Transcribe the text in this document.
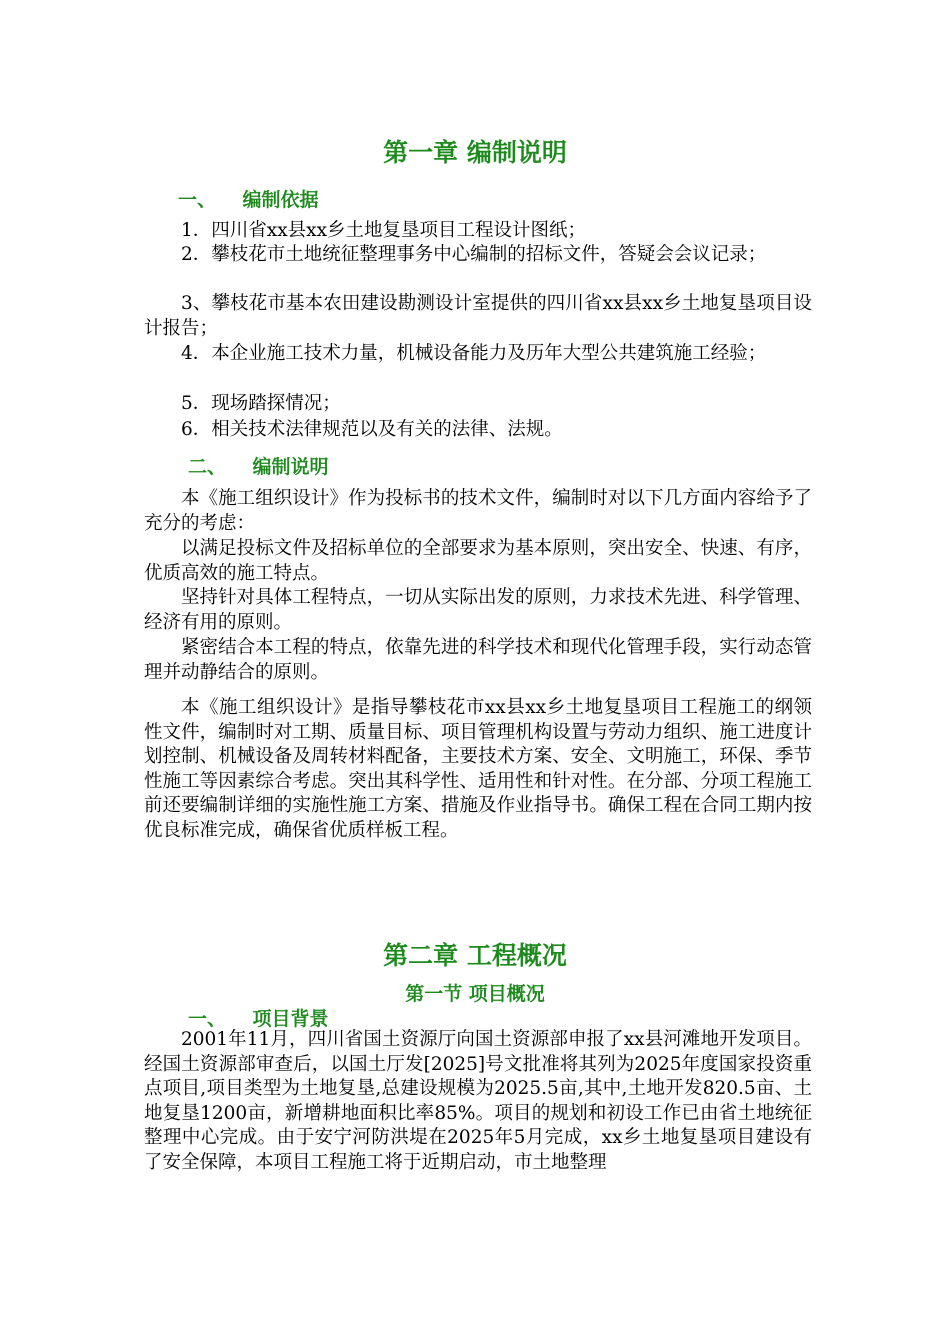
第一章 编制说明
一、    编制依据
1．四川省xx县xx乡土地复垦项目工程设计图纸；
2．攀枝花市土地统征整理事务中心编制的招标文件，答疑会会议记录；
3、攀枝花市基本农田建设勘测设计室提供的四川省xx县xx乡土地复垦项目设计报告；
4．本企业施工技术力量，机械设备能力及历年大型公共建筑施工经验；
5．现场踏探情况；
6．相关技术法律规范以及有关的法律、法规。
二、    编制说明
本《施工组织设计》作为投标书的技术文件，编制时对以下几方面内容给予了充分的考虑：
以满足投标文件及招标单位的全部要求为基本原则，突出安全、快速、有序，优质高效的施工特点。
坚持针对具体工程特点，一切从实际出发的原则，力求技术先进、科学管理、经济有用的原则。
紧密结合本工程的特点，依靠先进的科学技术和现代化管理手段，实行动态管理并动静结合的原则。
本《施工组织设计》是指导攀枝花市xx县xx乡土地复垦项目工程施工的纲领性文件，编制时对工期、质量目标、项目管理机构设置与劳动力组织、施工进度计划控制、机械设备及周转材料配备，主要技术方案、安全、文明施工，环保、季节性施工等因素综合考虑。突出其科学性、适用性和针对性。在分部、分项工程施工前还要编制详细的实施性施工方案、措施及作业指导书。确保工程在合同工期内按优良标准完成，确保省优质样板工程。
第二章 工程概况
第一节 项目概况
一、    项目背景
2001年11月，四川省国土资源厅向国土资源部申报了xx县河滩地开发项目。经国土资源部审查后，以国土厅发[2025]号文批准将其列为2025年度国家投资重点项目,项目类型为土地复垦,总建设规模为2025.5亩,其中,土地开发820.5亩、土地复垦1200亩，新增耕地面积比率85%。项目的规划和初设工作已由省土地统征整理中心完成。由于安宁河防洪堤在2025年5月完成，xx乡土地复垦项目建设有了安全保障，本项目工程施工将于近期启动，市土地整理
